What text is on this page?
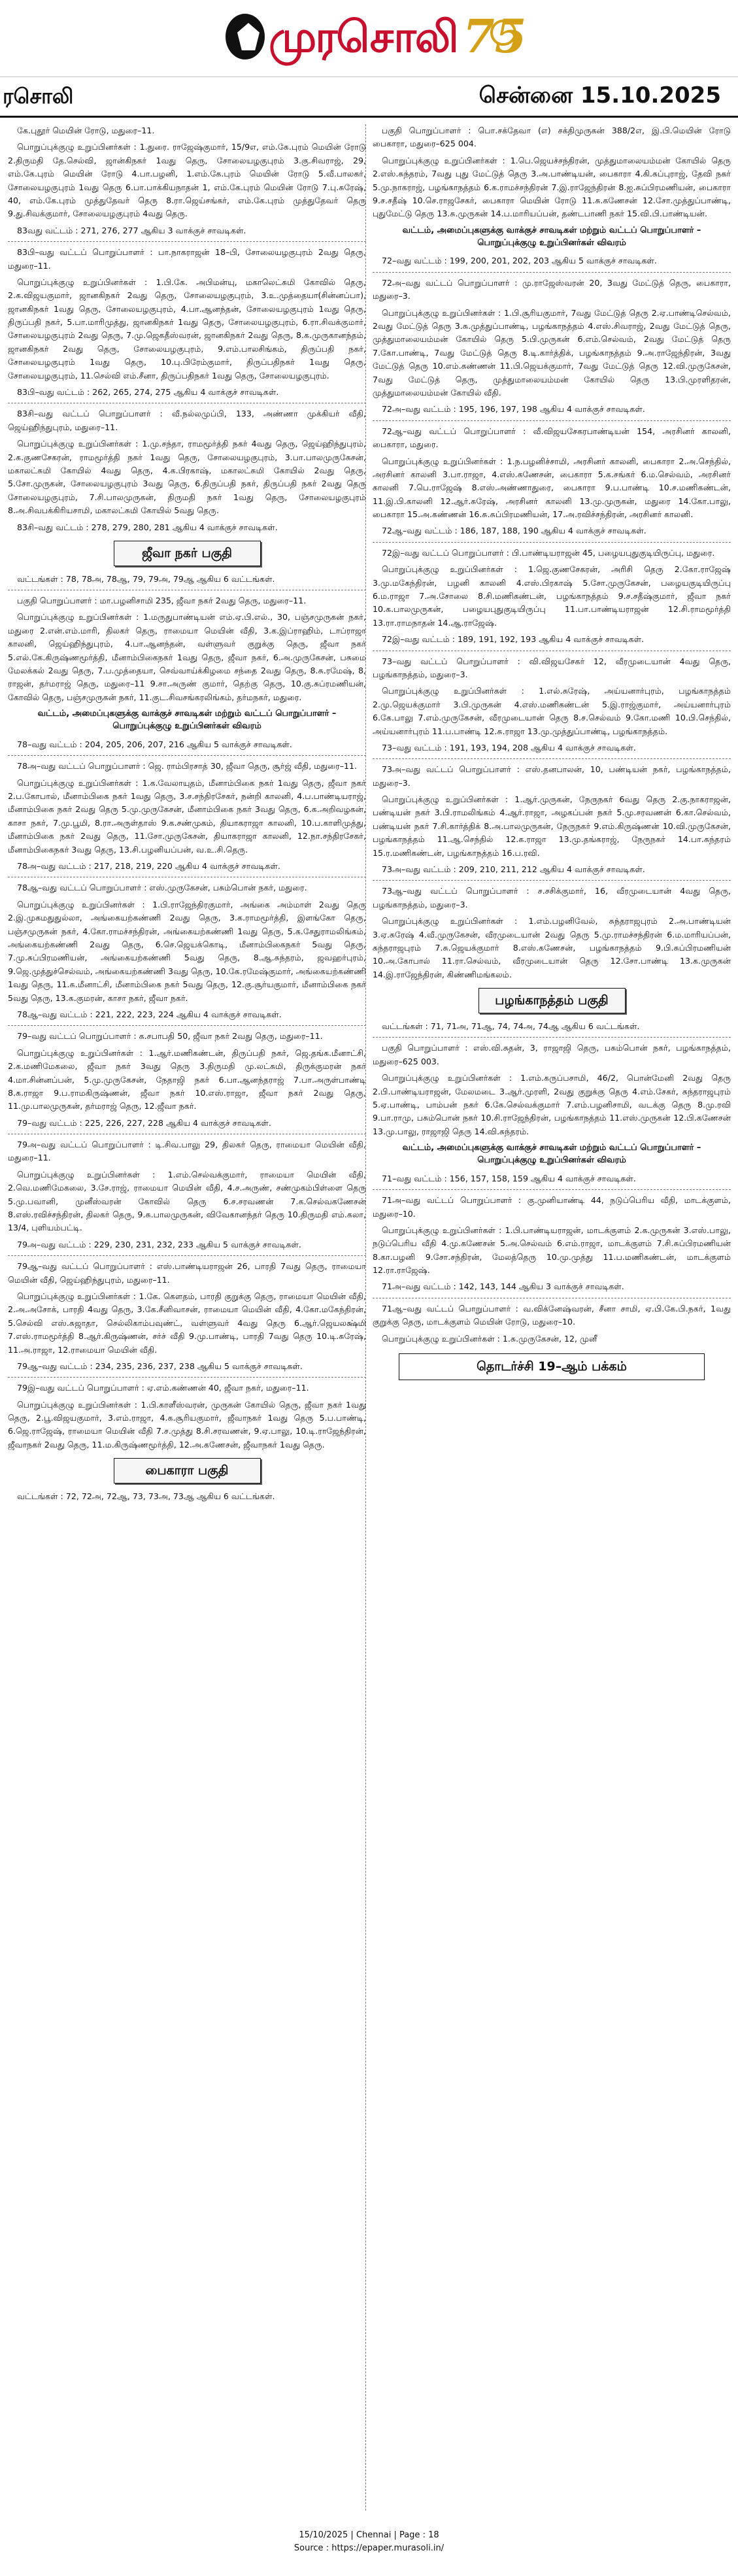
முரசொலி 75
ரசொலி	சென்னை 15.10.2025

கே.புதூர் மெயின் ரோடு, மதுரை–11.

பொறுப்புக்குழு உறுப்பினர்கள் : 1.துரை. ராஜேஷ்குமார், 15/9எ, எம்.கே.புரம் மெயின் ரோடு 2.திருமதி தே.செல்வி, ஜான்கிநகர் 1வது தெரு, சோலையழகுபுரம் 3.கு.சிவராஜ், 29, எம்.கே.புரம் மெயின் ரோடு 4.பா.பழனி, 1.எம்.கே.புரம் மெயின் ரோடு 5.வீ.பாலகர், சோலையழகுபுரம் 1வது தெரு 6.பா.பாக்கியநாதன் 1, எம்.கே.புரம் மெயின் ரோடு 7.பு.சுரேஷ், 40, எம்.கே.புரம் முத்துதேவர் தெரு 8.ரா.ஜெய்சங்கர், எம்.கே.புரம் முத்துதேவர் தெரு 9.து.சிவக்குமார், சோலையழகுபுரம் 4வது தெரு.

83வது வட்டம் : 271, 276, 277 ஆகிய 3 வாக்குச் சாவடிகள்.

83பி–வது வட்டப் பொறுப்பாளர் : பா.நாகராஜன் 18–பி, சோலையழகுபுரம் 2வது தெரு, மதுரை–11.

பொறுப்புக்குழு உறுப்பினர்கள் : 1.பி.கே. அபிமன்யு, மகாலெட்சுமி கோவில் தெரு, 2.க.விஜயகுமார், ஜானகிநகர் 2வது தெரு, சோலையழகுபுரம், 3.உ.முத்தையா(சின்னப்பா), ஜானகிநகர் 1வது தெரு, சோலையழகுபுரம், 4.பா.ஆனந்தன், சோலையழகுபுரம் 1வது தெரு, திருப்பதி நகர், 5.பா.மாரிமுத்து, ஜானகிநகர் 1வது தெரு, சோலையழகுபுரம், 6.ரா.சிவக்குமார், சோலையழகுபுரம் 2வது தெரு, 7.மு.ஜெகதீஸ்வரன், ஜானகிநகர் 2வது தெரு, 8.க.முருகானந்தம், ஜானகிநகர் 2வது தெரு, சோலையழகுபுரம், 9.எம்.பாலசிங்கம், திருப்பதி நகர், சோலையழகுபுரம் 1வது தெரு, 10.பு.பிரேம்குமார், திருப்பதிநகர் 1வது தெரு, சோலையழகுபுரம், 11.செல்வி எம்.சீனா, திருப்பதிநகர் 1வது தெரு, சோலையழகுபுரம்.

83பி–வது வட்டம் : 262, 265, 274, 275 ஆகிய 4 வாக்குச் சாவடிகள்.

83சி–வது வட்டப் பொறுப்பாளர் : வீ.நல்லமுப்பி, 133, அண்ணா முக்கியர் வீதி, ஜெய்ஹிந்துபுரம், மதுரை–11.

பொறுப்புக்குழு உறுப்பினர்கள் : 1.மு.சந்தா, ராமமூர்த்தி நகர் 4வது தெரு, ஜெய்ஹிந்துபுரம், 2.க.குணசேகரன், ராமமூர்த்தி நகர் 1வது தெரு, சோலையழகுபுரம், 3.பா.பாலமுருகேசன், மகாலட்சுமி கோயில் 4வது தெரு, 4.க.பிரகாஷ், மகாலட்சுமி கோயில் 2வது தெரு, 5.சோ.முருகன், சோலையழகுபுரம் 3வது தெரு, 6.திருப்பதி நகர், திருப்பதி நகர் 2வது தெரு சோலையழகுபுரம், 7.சி.பாலமுருகன், திருமதி நகர் 1வது தெரு, சோலையழகுபுரம் 8.அ.சிவபக்கிரியசாமி, மகாலட்சுமி கோயில் 5வது தெரு.

83சி–வது வட்டம் : 278, 279, 280, 281 ஆகிய 4 வாக்குச் சாவடிகள்.

ஜீவா நகர் பகுதி

வட்டங்கள் : 78, 78அ, 78ஆ, 79, 79அ, 79ஆ ஆகிய 6 வட்டங்கள்.

பகுதி பொறுப்பாளர் : மா.பழனிசாமி 235, ஜீவா நகர் 2வது தெரு, மதுரை–11.

பொறுப்புக்குழு உறுப்பினர்கள் : 1.மருதுபாண்டியன் எம்.ஏ.பி.எல்., 30, பஞ்சமுருகன் நகர், மதுரை 2.என்.எம்.மாரி, திலகர் தெரு, ராமையா மெயின் வீதி, 3.க.இப்ராஹிம், டாப்ராஜா காலனி, ஜெய்ஹிந்துபுரம், 4.பா.ஆனந்தன், வள்ளுவர் குறுக்கு தெரு, ஜீவா நகர் 5.எல்.கே.கிருஷ்ணமூர்த்தி, மீனாம்பிகைநகர் 1வது தெரு, ஜீவா நகர், 6.அ.முருகேசன், பசுமை மேலக்கல் 2வது தெரு, 7.ப.முத்தையா, செவ்வாய்க்கிழமை சந்தை 2வது தெரு, 8.சு.ரமேஷ், 8, ராஜன், தர்மராஜ் தெரு, மதுரை–11 9.சா.அருண் குமார், தெற்கு தெரு, 10.கு.சுப்ரமணியன், கோவில் தெரு, பஞ்சமுருகன் நகர், 11.குட.சிவசங்கரலிங்கம், தர்மநகர், மதுரை.

வட்டம், அமைப்புகளுக்கு வாக்குச் சாவடிகள் மற்றும் வட்டப் பொறுப்பாளர் – பொறுப்புக்குழு உறுப்பினர்கள் விவரம்

78–வது வட்டம் : 204, 205, 206, 207, 216 ஆகிய 5 வாக்குச் சாவடிகள்.

78அ–வது வட்டப் பொறுப்பாளர் : ஜெ. ராம்பிரசாத் 30, ஜீவா தெரு, சூர்ஜ் வீதி, மதுரை–11.

பொறுப்புக்குழு உறுப்பினர்கள் : 1.க.வேலாயுதம், மீனாம்பிகை நகர் 1வது தெரு, ஜீவா நகர் 2.ப.கோபால், மீனாம்பிகை நகர் 1வது தெரு, 3.ச.சந்திரசேகர், நன்றி காலனி, 4.ப.பாண்டியராஜ், மீனாம்பிகை நகர் 2வது தெரு 5.மு.முருகேசன், மீனாம்பிகை நகர் 3வது தெரு, 6.க.அறிவழகன், காசா நகர், 7.மு.பூமி, 8.ரா.அருள்தாஸ் 9.க.சண்முகம், தியாகராஜா காலனி, 10.ப.காளிமுத்து, மீனாம்பிகை நகர் 2வது தெரு, 11.சோ.முருகேசன், தியாகராஜா காலனி, 12.நா.சந்திரசேகர், மீனாம்பிகைநகர் 3வது தெரு, 13.சி.பழனியப்பன், வ.உ.சி.தெரு.

78அ–வது வட்டம் : 217, 218, 219, 220 ஆகிய 4 வாக்குச் சாவடிகள்.

78ஆ–வது வட்டப் பொறுப்பாளர் : எஸ்.முருகேசன், பசும்பொன் நகர், மதுரை.

பொறுப்புக்குழு உறுப்பினர்கள் : 1.பி.ராஜேந்திரகுமார், அங்கை அம்மாள் 2வது தெரு 2.இ.முகமதுதுல்லா, அங்கையற்கண்ணி 2வது தெரு, 3.க.ராமமூர்த்தி, இளங்கோ தெரு, பஞ்சமுருகன் நகர், 4.கோ.ராமச்சந்திரன், அங்கையற்கண்ணி 1வது தெரு, 5.க.சேதுராமலிங்கம், அங்கையற்கண்ணி 2வது தெரு, 6.செ.ஜெயக்கொடி, மீனாம்பிகைநகர் 5வது தெரு, 7.மு.சுப்பிரமணியன், அங்கையற்கண்ணி 5வது தெரு, 8.ஆ.சுந்தரம், ஜவஹர்புரம், 9.ஜெ.முத்துச்செல்வம், அங்கையற்கண்ணி 3வது தெரு, 10.கே.ரமேஷ்குமார், அங்கையற்கண்ணி 1வது தெரு, 11.சு.மீனாட்சி, மீனாம்பிகை நகர் 5வது தெரு, 12.கு.சூர்யகுமார், மீனாம்பிகை நகர் 5வது தெரு, 13.க.குமரன், காசா நகர், ஜீவா நகர்.

78ஆ–வது வட்டம் : 221, 222, 223, 224 ஆகிய 4 வாக்குச் சாவடிகள்.

79–வது வட்டப் பொறுப்பாளர் : க.சபாபதி 50, ஜீவா நகர் 2வது தெரு, மதுரை–11.

பொறுப்புக்குழு உறுப்பினர்கள் : 1.ஆர்.மணிகண்டன், திருப்பதி நகர், ஜெ.தங்க.மீனாட்சி, 2.க.மணிமேகலை, ஜீவா நகர் 3வது தெரு 3.திருமதி மு.லட்சுமி, திருக்குமரன் நகர் 4.மா.சின்னப்பன், 5.மு.முருகேசன், நேதாஜி நகர் 6.பா.ஆனந்தராஜ் 7.பா.அருள்பாண்டி 8.க.ராஜா 9.ப.ராமகிருஷ்ணன், ஜீவா நகர் 10.எஸ்.ராஜா, ஜீவா நகர் 2வது தெரு, 11.மு.பாலமுருகன், தர்மராஜ் தெரு, 12.ஜீவா நகர்.

79–வது வட்டம் : 225, 226, 227, 228 ஆகிய 4 வாக்குச் சாவடிகள்.

79அ–வது வட்டப் பொறுப்பாளர் : டி.சிவ.பாலு 29, திலகர் தெரு, ராமையா மெயின் வீதி, மதுரை–11.

பொறுப்புக்குழு உறுப்பினர்கள் : 1.எம்.செல்வக்குமார், ராமையா மெயின் வீதி, 2.வெ.மணிமேகலை, 3.சே.ராஜ், ராமையா மெயின் வீதி, 4.ச.அருண், சண்முகம்பிள்ளை தெரு 5.மு.பவானி, முனீஸ்வரன் கோவில் தெரு 6.ச.சரவணன் 7.க.செல்வகணேசன் 8.எஸ்.ரவிச்சந்திரன், திலகர் தெரு, 9.சு.பாலமுருகன், விவேகானந்தர் தெரு 10.திருமதி எம்.கலா, 13/4, புளியம்பட்டி.

79அ–வது வட்டம் : 229, 230, 231, 232, 233 ஆகிய 5 வாக்குச் சாவடிகள்.

79ஆ–வது வட்டப் பொறுப்பாளர் : எஸ்.பாண்டியராஜன் 26, பாரதி 7வது தெரு, ராமையா மெயின் வீதி, ஜெய்ஹிந்துபுரம், மதுரை–11.

பொறுப்புக்குழு உறுப்பினர்கள் : 1.கே. கௌதம், பாரதி குறுக்கு தெரு, ராமையா மெயின் வீதி, 2.அ.அசோக், பாரதி 4வது தெரு, 3.கே.சீனிவாசன், ராமையா மெயின் வீதி, 4.கோ.மகேந்திரன், 5.செல்வி எஸ்.சுஜாதா, செல்லிகாம்பவுண்ட், வள்ளுவர் 4வது தெரு 6.ஆர்.ஜெயலக்ஷ்மி 7.எஸ்.ராமமூர்த்தி 8.ஆர்.கிருஷ்ணன், சர்ச் வீதி 9.மு.பாண்டி, பாரதி 7வது தெரு 10.டி.சுரேஷ், 11.அ.ராஜா, 12.ராமையா மெயின் வீதி.

79ஆ–வது வட்டம் : 234, 235, 236, 237, 238 ஆகிய 5 வாக்குச் சாவடிகள்.

79இ–வது வட்டப் பொறுப்பாளர் : ஏ.எம்.கண்ணன் 40, ஜீவா நகர், மதுரை–11.

பொறுப்புக்குழு உறுப்பினர்கள் : 1.பி.காளீஸ்வரன், முருகன் கோயில் தெரு, ஜீவா நகர் 1வது தெரு, 2.பூ.விஜயகுமார், 3.எம்.ராஜா, 4.க.சூரியகுமார், ஜீவாநகர் 1வது தெரு 5.ப.பாண்டி, 6.ஜெ.ராஜேஷ், ராமையா மெயின் வீதி 7.ச.முத்து 8.சி.சரவணன், 9.ஏ.பாலு, 10.டி.ராஜேந்திரன், ஜீவாநகர் 2வது தெரு, 11.ம.கிருஷ்ணமூர்த்தி, 12.அ.கணேசன், ஜீவாநகர் 1வது தெரு.

பைகாரா பகுதி

வட்டங்கள் : 72, 72அ, 72ஆ, 73, 73அ, 73ஆ ஆகிய 6 வட்டங்கள்.

பகுதி பொறுப்பாளர் : பொ.சக்தேவா (எ) சக்திமுருகன் 388/2எ, இ.பி.மெயின் ரோடு பைகாரா, மதுரை–625 004.

பொறுப்புக்குழு உறுப்பினர்கள் : 1.பெ.ஜெயச்சந்திரன், முத்துமாலையம்மன் கோயில் தெரு 2.எஸ்.சுந்தரம், 7வது புது மேட்டுத் தெரு 3.அ.பாண்டியன், பைகாரா 4.கி.சுப்புராஜ், தேவி நகர் 5.மு.நாகராஜ், பழங்காநத்தம் 6.க.ராமச்சந்திரன் 7.இ.ராஜேந்திரன் 8.ஐ.சுப்பிரமணியன், பைகாரா 9.ச.சதீஷ் 10.செ.ராஜசேகர், பைகாரா மெயின் ரோடு 11.சு.கணேசன் 12.சோ.முத்துப்பாண்டி, புதுமேட்டு தெரு 13.சு.முருகன் 14.ப.மாரியப்பன், தண்டபாணி நகர் 15.வி.பி.பாண்டியன்.

வட்டம், அமைப்புகளுக்கு வாக்குச் சாவடிகள் மற்றும் வட்டப் பொறுப்பாளர் – பொறுப்புக்குழு உறுப்பினர்கள் விவரம்

72–வது வட்டம் : 199, 200, 201, 202, 203 ஆகிய 5 வாக்குச் சாவடிகள்.

72அ–வது வட்டப் பொறுப்பாளர் : மு.ராஜேஸ்வரன் 20, 3வது மேட்டுத் தெரு, பைகாரா, மதுரை–3.

பொறுப்புக்குழு உறுப்பினர்கள் : 1.பி.சூரியகுமார், 7வது மேட்டுத் தெரு 2.ஏ.பாண்டிசெல்வம், 2வது மேட்டுத் தெரு 3.சு.முத்துப்பாண்டி, பழங்காநத்தம் 4.எஸ்.சிவராஜ், 2வது மேட்டுத் தெரு, முத்துமாலையம்மன் கோயில் தெரு 5.பி.முருகன் 6.எம்.செல்வம், 2வது மேட்டுத் தெரு 7.கோ.பாண்டி, 7வது மேட்டுத் தெரு 8.டி.கார்த்திக், பழங்காநத்தம் 9.அ.ராஜேந்திரன், 3வது மேட்டுத் தெரு 10.எம்.கண்ணன் 11.பி.ஜெயக்குமார், 7வது மேட்டுத் தெரு 12.வி.முருகேசன், 7வது மேட்டுத் தெரு, முத்துமாலையம்மன் கோயில் தெரு 13.பி.முரளிதரன், முத்துமாலையம்மன் கோயில் வீதி.

72அ–வது வட்டம் : 195, 196, 197, 198 ஆகிய 4 வாக்குச் சாவடிகள்.

72ஆ–வது வட்டப் பொறுப்பாளர் : வீ.விஜயசேகரபாண்டியன் 154, அரசினர் காலனி, பைகாரா, மதுரை.

பொறுப்புக்குழு உறுப்பினர்கள் : 1.ந.பழனிச்சாமி, அரசினர் காலனி, பைகாரா 2.அ.செந்தில், அரசினர் காலனி 3.பா.ராஜா, 4.எஸ்.கணேசன், பைகாரா 5.க.சங்கர் 6.ம.செல்வம், அரசினர் காலனி 7.பெ.ராஜேஷ் 8.எஸ்.அண்ணாதுரை, பைகாரா 9.ப.பாண்டி 10.ச.மணிகண்டன், 11.இ.பி.காலனி 12.ஆர்.சுரேஷ், அரசினர் காலனி 13.மு.முருகன், மதுரை 14.கோ.பாலு, பைகாரா 15.அ.கண்ணன் 16.சு.சுப்பிரமணியன், 17.அ.ரவிச்சந்திரன், அரசினர் காலனி.

72ஆ–வது வட்டம் : 186, 187, 188, 190 ஆகிய 4 வாக்குச் சாவடிகள்.

72இ–வது வட்டப் பொறுப்பாளர் : பி.பாண்டியராஜன் 45, பழையபுதுகுடியிருப்பு, மதுரை.

பொறுப்புக்குழு உறுப்பினர்கள் : 1.ஜெ.குணசேகரன், அரிசி தெரு 2.கோ.ராஜேஷ் 3.மு.மகேந்திரன், பழனி காலனி 4.எஸ்.பிரகாஷ் 5.சோ.முருகேசன், பழையகுடியிருப்பு 6.ம.ராஜா 7.அ.சோலை 8.சி.மணிகண்டன், பழங்காநத்தம் 9.ச.சதீஷ்குமார், ஜீவா நகர் 10.க.பாலமுருகன், பழையபுதுகுடியிருப்பு 11.பா.பாண்டியராஜன் 12.சி.ராமமூர்த்தி 13.ரா.ராமநாதன் 14.ஆ.ராஜேஷ்.

72இ–வது வட்டம் : 189, 191, 192, 193 ஆகிய 4 வாக்குச் சாவடிகள்.

73–வது வட்டப் பொறுப்பாளர் : வி.விஜயசேகர் 12, வீரமுடையான் 4வது தெரு, பழங்காநத்தம், மதுரை–3.

பொறுப்புக்குழு உறுப்பினர்கள் : 1.எல்.சுரேஷ், அய்யனார்புரம், பழங்காநத்தம் 2.மு.ஜெயக்குமார் 3.பி.முருகன் 4.எஸ்.மணிகண்டன் 5.இ.ராஜ்குமார், அய்யனார்புரம் 6.கே.பாலு 7.எம்.முருகேசன், வீரமுடையான் தெரு 8.ச.செல்வம் 9.கோ.மணி 10.பி.செந்தில், அய்யனார்புரம் 11.ப.பாண்டி 12.சு.ராஜா 13.மு.முத்துப்பாண்டி, பழங்காநத்தம்.

73–வது வட்டம் : 191, 193, 194, 208 ஆகிய 4 வாக்குச் சாவடிகள்.

73அ–வது வட்டப் பொறுப்பாளர் : எஸ்.தனபாலன், 10, பண்டியன் நகர், பழங்காநத்தம், மதுரை–3.

பொறுப்புக்குழு உறுப்பினர்கள் : 1.ஆர்.முருகன், நேருநகர் 6வது தெரு 2.கு.நாகராஜன், பண்டியன் நகர் 3.பி.ராமலிங்கம் 4.ஆர்.ராஜா, அழகப்பன் நகர் 5.மு.சரவணன் 6.கா.செல்வம், பண்டியன் நகர் 7.சி.கார்த்திக் 8.அ.பாலமுருகன், நேருநகர் 9.எம்.கிருஷ்ணன் 10.வி.முருகேசன், பழங்காநத்தம் 11.ஆ.செந்தில் 12.க.ராஜா 13.மு.தங்கராஜ், நேருநகர் 14.பா.சுந்தரம் 15.ர.மணிகண்டன், பழங்காநத்தம் 16.ப.ரவி.

73அ–வது வட்டம் : 209, 210, 211, 212 ஆகிய 4 வாக்குச் சாவடிகள்.

73ஆ–வது வட்டப் பொறுப்பாளர் : ச.சசிக்குமார், 16, வீரமுடையான் 4வது தெரு, பழங்காநத்தம், மதுரை–3.

பொறுப்புக்குழு உறுப்பினர்கள் : 1.எம்.பழனிவேல், சுந்தராஜபுரம் 2.அ.பாண்டியன் 3.ஏ.சுரேஷ் 4.வீ.முருகேசன், வீரமுடையான் 2வது தெரு 5.மு.ராமச்சந்திரன் 6.ம.மாரியப்பன், சுந்தராஜபுரம் 7.சு.ஜெயக்குமார் 8.எஸ்.கணேசன், பழங்காநத்தம் 9.பி.சுப்பிரமணியன் 10.அ.கோபால் 11.ரா.செல்வம், வீரமுடையான் தெரு 12.சோ.பாண்டி 13.க.முருகன் 14.இ.ராஜேந்திரன், கிண்ணிமங்கலம்.

பழங்காநத்தம் பகுதி

வட்டங்கள் : 71, 71அ, 71ஆ, 74, 74அ, 74ஆ ஆகிய 6 வட்டங்கள்.

பகுதி பொறுப்பாளர் : எஸ்.வி.சுதன், 3, ராஜாஜி தெரு, பசும்பொன் நகர், பழங்காநத்தம், மதுரை–625 003.

பொறுப்புக்குழு உறுப்பினர்கள் : 1.எம்.கருப்பசாமி, 46/2, பொன்மேனி 2வது தெரு 2.பி.பாண்டியராஜன், மேலமடை 3.ஆர்.முரளி, 2வது குறுக்கு தெரு 4.எம்.சேகர், சுந்தராஜபுரம் 5.ஏ.பாண்டி, பாம்பன் நகர் 6.கே.செல்வக்குமார் 7.எம்.பழனிசாமி, வடக்கு தெரு 8.மு.ரவி 9.பா.ராமு, பசும்பொன் நகர் 10.சி.ராஜேந்திரன், பழங்காநத்தம் 11.எஸ்.முருகன் 12.பி.கணேசன் 13.மு.பாலு, ராஜாஜி தெரு 14.வி.சுந்தரம்.

வட்டம், அமைப்புகளுக்கு வாக்குச் சாவடிகள் மற்றும் வட்டப் பொறுப்பாளர் – பொறுப்புக்குழு உறுப்பினர்கள் விவரம்

71–வது வட்டம் : 156, 157, 158, 159 ஆகிய 4 வாக்குச் சாவடிகள்.

71அ–வது வட்டப் பொறுப்பாளர் : கு.முனியாண்டி 44, நடுப்பெரிய வீதி, மாடக்குளம், மதுரை–10.

பொறுப்புக்குழு உறுப்பினர்கள் : 1.பி.பாண்டியராஜன், மாடக்குளம் 2.க.முருகன் 3.எஸ்.பாலு, நடுப்பெரிய வீதி 4.மு.கணேசன் 5.அ.செல்வம் 6.எம்.ராஜா, மாடக்குளம் 7.சி.சுப்பிரமணியன் 8.கா.பழனி 9.சோ.சந்திரன், மேலத்தெரு 10.மு.முத்து 11.ப.மணிகண்டன், மாடக்குளம் 12.ரா.ராஜேஷ்.

71அ–வது வட்டம் : 142, 143, 144 ஆகிய 3 வாக்குச் சாவடிகள்.

71ஆ–வது வட்டப் பொறுப்பாளர் : வ.விக்னேஷ்வரன், சீனா சாமி, ஏ.பி.கே.பி.நகர், 1வது குறுக்கு தெரு, மாடக்குளம் மெயின் ரோடு, மதுரை–10.

பொறுப்புக்குழு உறுப்பினர்கள் : 1.சு.முருகேசன், 12, முனீ

தொடர்ச்சி 19–ஆம் பக்கம்
15/10/2025 | Chennai | Page : 18
Source : https://epaper.murasoli.in/
